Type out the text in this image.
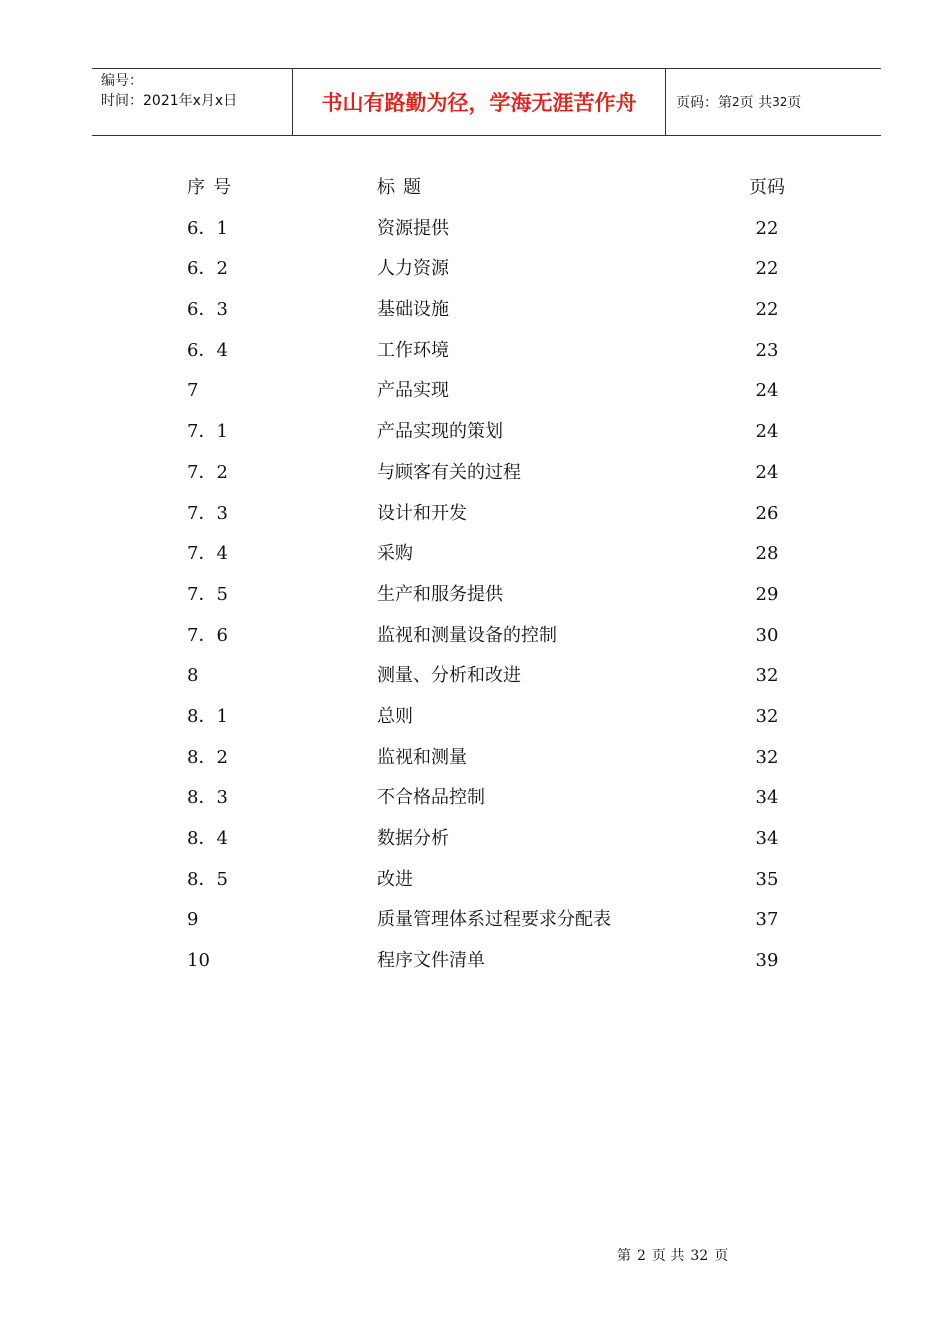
编号：
时间：2021年x月x日	书山有路勤为径，学海无涯苦作舟	页码：第 2 页 共 32 页
序号	标题	页码
6．1	资源提供	22
6．2	人力资源	22
6．3	基础设施	22
6．4	工作环境	23
7	产品实现	24
7．1	产品实现的策划	24
7．2	与顾客有关的过程	24
7．3	设计和开发	26
7．4	采购	28
7．5	生产和服务提供	29
7．6	监视和测量设备的控制	30
8	测量、分析和改进	32
8．1	总则	32
8．2	监视和测量	32
8．3	不合格品控制	34
8．4	数据分析	34
8．5	改进	35
9	质量管理体系过程要求分配表	37
10	程序文件清单	39
第 2 页 共 32 页
